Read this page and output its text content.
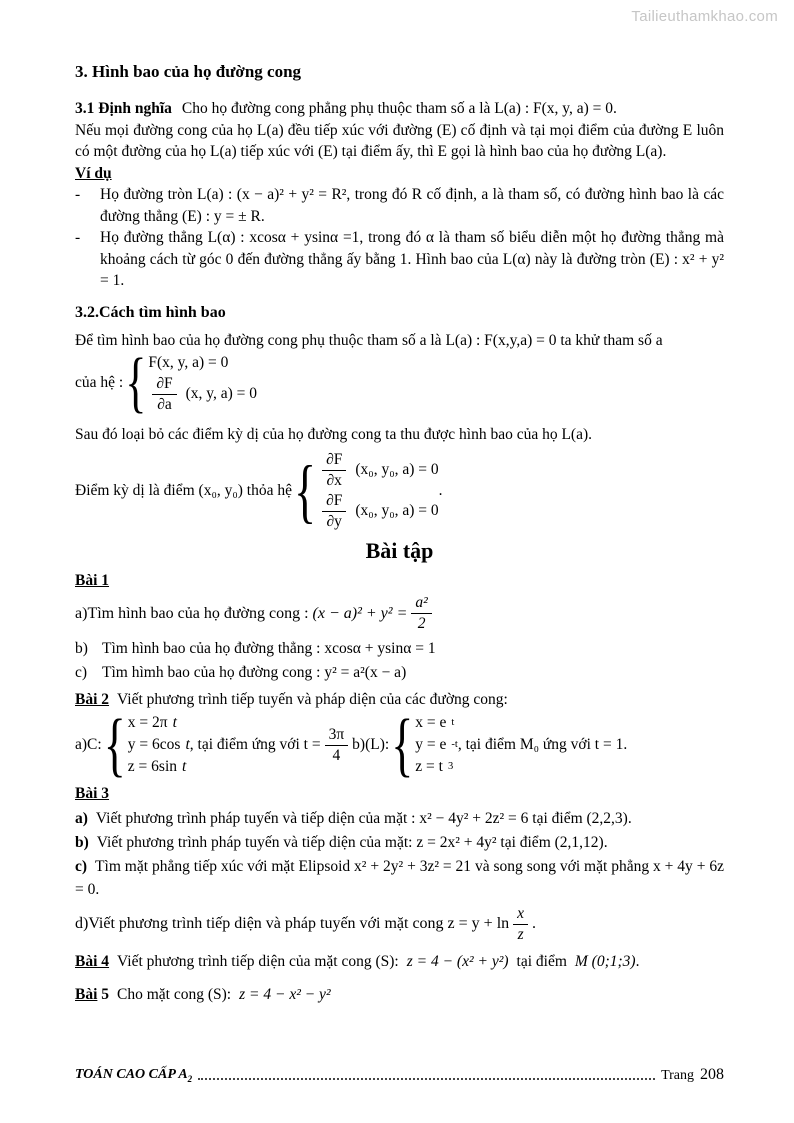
Tailieuthamkhao.com
3. Hình bao của họ đường cong

3.1 Định nghĩa Cho họ đường cong phẳng phụ thuộc tham số a là L(a) : F(x, y, a) = 0.

Nếu mọi đường cong của họ L(a) đều tiếp xúc với đường (E) cố định và tại mọi điểm của đường E luôn có một đường của họ L(a) tiếp xúc với (E) tại điểm ấy, thì E gọi là hình bao của họ đường L(a).

Ví dụ

-	Họ đường tròn L(a) : (x − a)² + y² = R², trong đó R cố định, a là tham số, có đường hình bao là các đường thẳng (E) : y = ± R.
-	Họ đường thẳng L(α) : xcosα + ysinα =1, trong đó α là tham số biểu diễn một họ đường thẳng mà khoảng cách từ góc 0 đến đường thẳng ấy bằng 1. Hình bao của L(α) này là đường tròn (E) : x² + y² = 1.
3.2.Cách tìm hình bao

Để tìm hình bao của họ đường cong phụ thuộc tham số a là L(a) : F(x,y,a) = 0 ta khử tham số a

của hệ : { F(x, y, a) = 0
$\frac{\partial F}{\partial a} (x$, y, a) = 0

Sau đó loại bỏ các điểm kỳ dị của họ đường cong ta thu được hình bao của họ L(a).

Điểm kỳ dị là điểm (x₀, y₀) thỏa hệ { $\frac{\partial F}{\partial x} (x_0$, y₀, a) = 0
$\frac{\partial F}{\partial y} (x_0$, y₀, a) = 0
.
Bài tập
Bài 1
a) Tìm hình bao của họ đường cong : $(x - a)^2 + y^2 = \frac{\text{a²}}{2}$
b) Tìm hình bao của họ đường thẳng : xcosα + ysinα = 1
c) Tìm hìmh bao của họ đường cong : y² = a²(x − a)
Bài 2 Viết phương trình tiếp tuyến và pháp diện của các đường cong:
a) C: { x = 2π t
y = 6cos t
z = 6sin t
, tại điểm ứng với $t = \frac{3\pi}{4} b$) (L): { x = e t
y = e -t
z = t 3
, tại điểm M₀ ứng với t = 1.
Bài 3
a) Viết phương trình pháp tuyến và tiếp diện của mặt : x² − 4y² + 2z² = 6 tại điểm (2,2,3).
b) Viết phương trình pháp tuyến và tiếp diện của mặt: z = 2x² + 4y² tại điểm (2,1,12).
c) Tìm mặt phẳng tiếp xúc với mặt Elipsoid x² + 2y² + 3z² = 21 và song song với mặt phẳng x + 4y + 6z = 0.
d) Viết phương trình tiếp diện và pháp tuyến với mặt cong $z = y + \ln \frac{x}{z}$ .
Bài 4 Viết phương trình tiếp diện của mặt cong (S): z = 4 − (x² + y²) tại điểm M (0;1;3).
Bài 5 Cho mặt cong (S): z = 4 − x² − y²
TOÁN CAO CẤP $A_2$	Trang 208
